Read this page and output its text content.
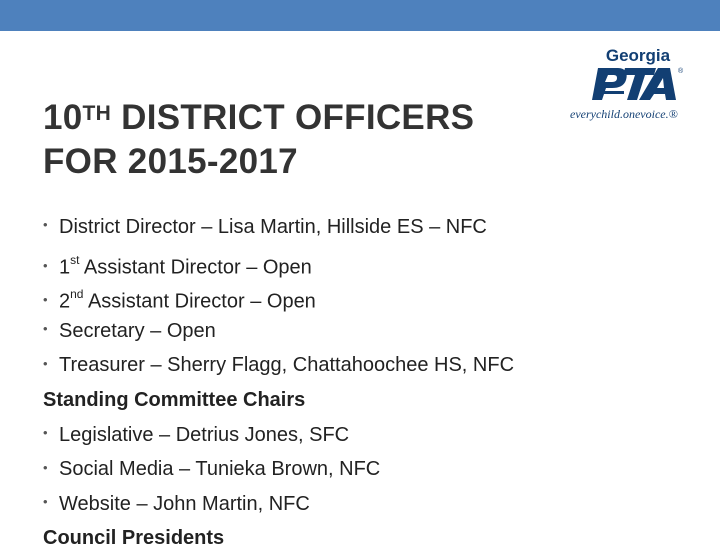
10TH DISTRICT OFFICERS
FOR 2015-2017
Georgia
®
everychild.onevoice.®
• District Director – Lisa Martin, Hillside ES – NFC
• 1st Assistant Director – Open
• 2nd Assistant Director – Open
• Secretary – Open
• Treasurer – Sherry Flagg, Chattahoochee HS, NFC
Standing Committee Chairs
• Legislative – Detrius Jones, SFC
• Social Media – Tunieka Brown, NFC
• Website – John Martin, NFC
Council Presidents
